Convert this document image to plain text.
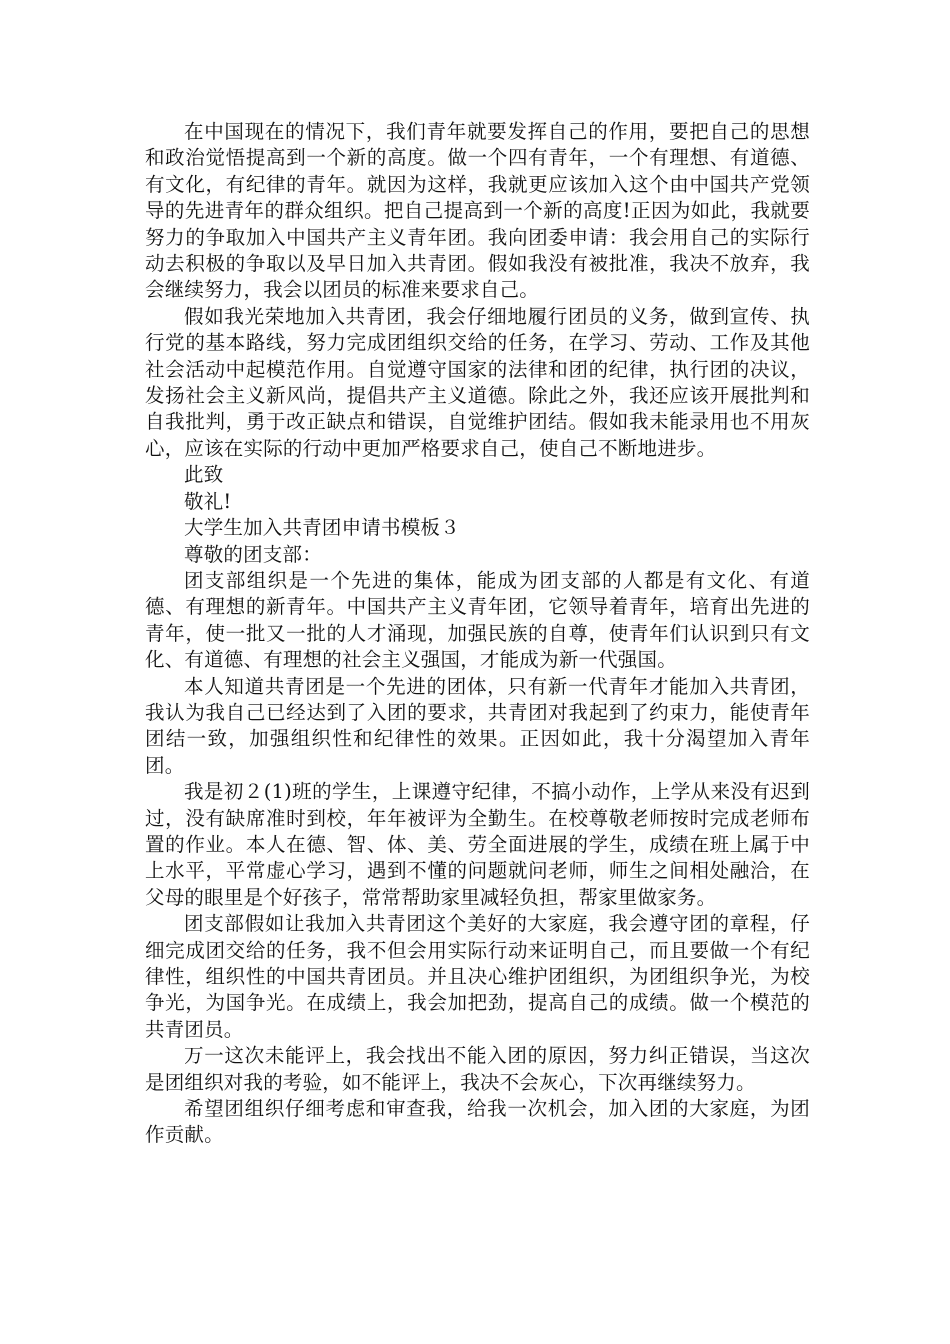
在中国现在的情况下，我们青年就要发挥自己的作用，要把自己的思想和政治觉悟提高到一个新的高度。做一个四有青年，一个有理想、有道德、有文化，有纪律的青年。就因为这样，我就更应该加入这个由中国共产党领导的先进青年的群众组织。把自己提高到一个新的高度!正因为如此，我就要努力的争取加入中国共产主义青年团。我向团委申请：我会用自己的实际行动去积极的争取以及早日加入共青团。假如我没有被批准，我决不放弃，我会继续努力，我会以团员的标准来要求自己。

假如我光荣地加入共青团，我会仔细地履行团员的义务，做到宣传、执行党的基本路线，努力完成团组织交给的任务，在学习、劳动、工作及其他社会活动中起模范作用。自觉遵守国家的法律和团的纪律，执行团的决议，发扬社会主义新风尚，提倡共产主义道德。除此之外，我还应该开展批判和自我批判，勇于改正缺点和错误，自觉维护团结。假如我未能录用也不用灰心，应该在实际的行动中更加严格要求自己，使自己不断地进步。

此致

敬礼!

大学生加入共青团申请书模板３

尊敬的团支部：

团支部组织是一个先进的集体，能成为团支部的人都是有文化、有道德、有理想的新青年。中国共产主义青年团，它领导着青年，培育出先进的青年，使一批又一批的人才涌现，加强民族的自尊，使青年们认识到只有文化、有道德、有理想的社会主义强国，才能成为新一代强国。

本人知道共青团是一个先进的团体，只有新一代青年才能加入共青团，我认为我自己已经达到了入团的要求，共青团对我起到了约束力，能使青年团结一致，加强组织性和纪律性的效果。正因如此，我十分渴望加入青年团。

我是初２(1)班的学生，上课遵守纪律，不搞小动作，上学从来没有迟到过，没有缺席准时到校，年年被评为全勤生。在校尊敬老师按时完成老师布置的作业。本人在德、智、体、美、劳全面进展的学生，成绩在班上属于中上水平，平常虚心学习，遇到不懂的问题就问老师，师生之间相处融洽，在父母的眼里是个好孩子，常常帮助家里减轻负担，帮家里做家务。

团支部假如让我加入共青团这个美好的大家庭，我会遵守团的章程，仔细完成团交给的任务，我不但会用实际行动来证明自己，而且要做一个有纪律性，组织性的中国共青团员。并且决心维护团组织，为团组织争光，为校争光，为国争光。在成绩上，我会加把劲，提高自己的成绩。做一个模范的共青团员。

万一这次未能评上，我会找出不能入团的原因，努力纠正错误，当这次是团组织对我的考验，如不能评上，我决不会灰心，下次再继续努力。

希望团组织仔细考虑和审查我，给我一次机会，加入团的大家庭，为团作贡献。
